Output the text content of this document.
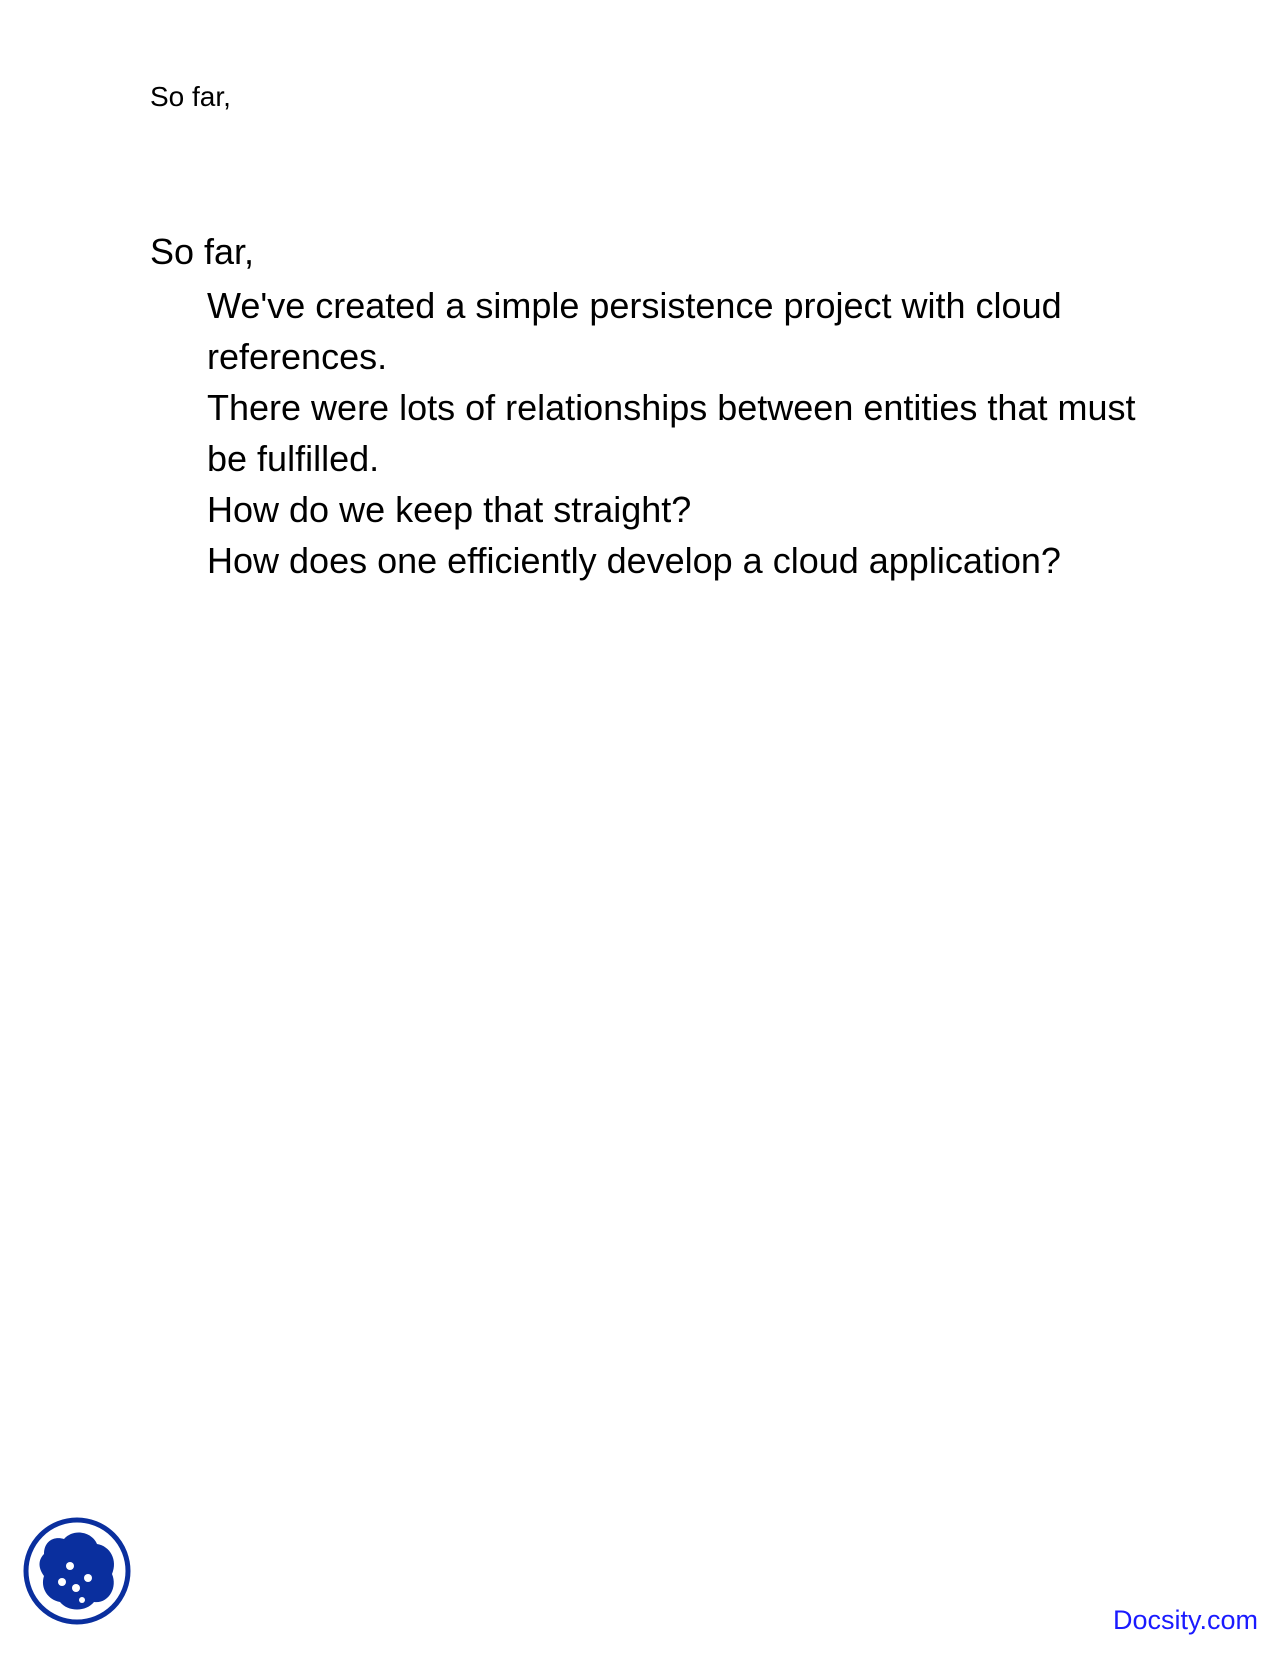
So far,

So far,
We've created a simple persistence project with cloud references.
There were lots of relationships between entities that must be fulfilled.
How do we keep that straight?
How does one efficiently develop a cloud application?
Docsity.com
